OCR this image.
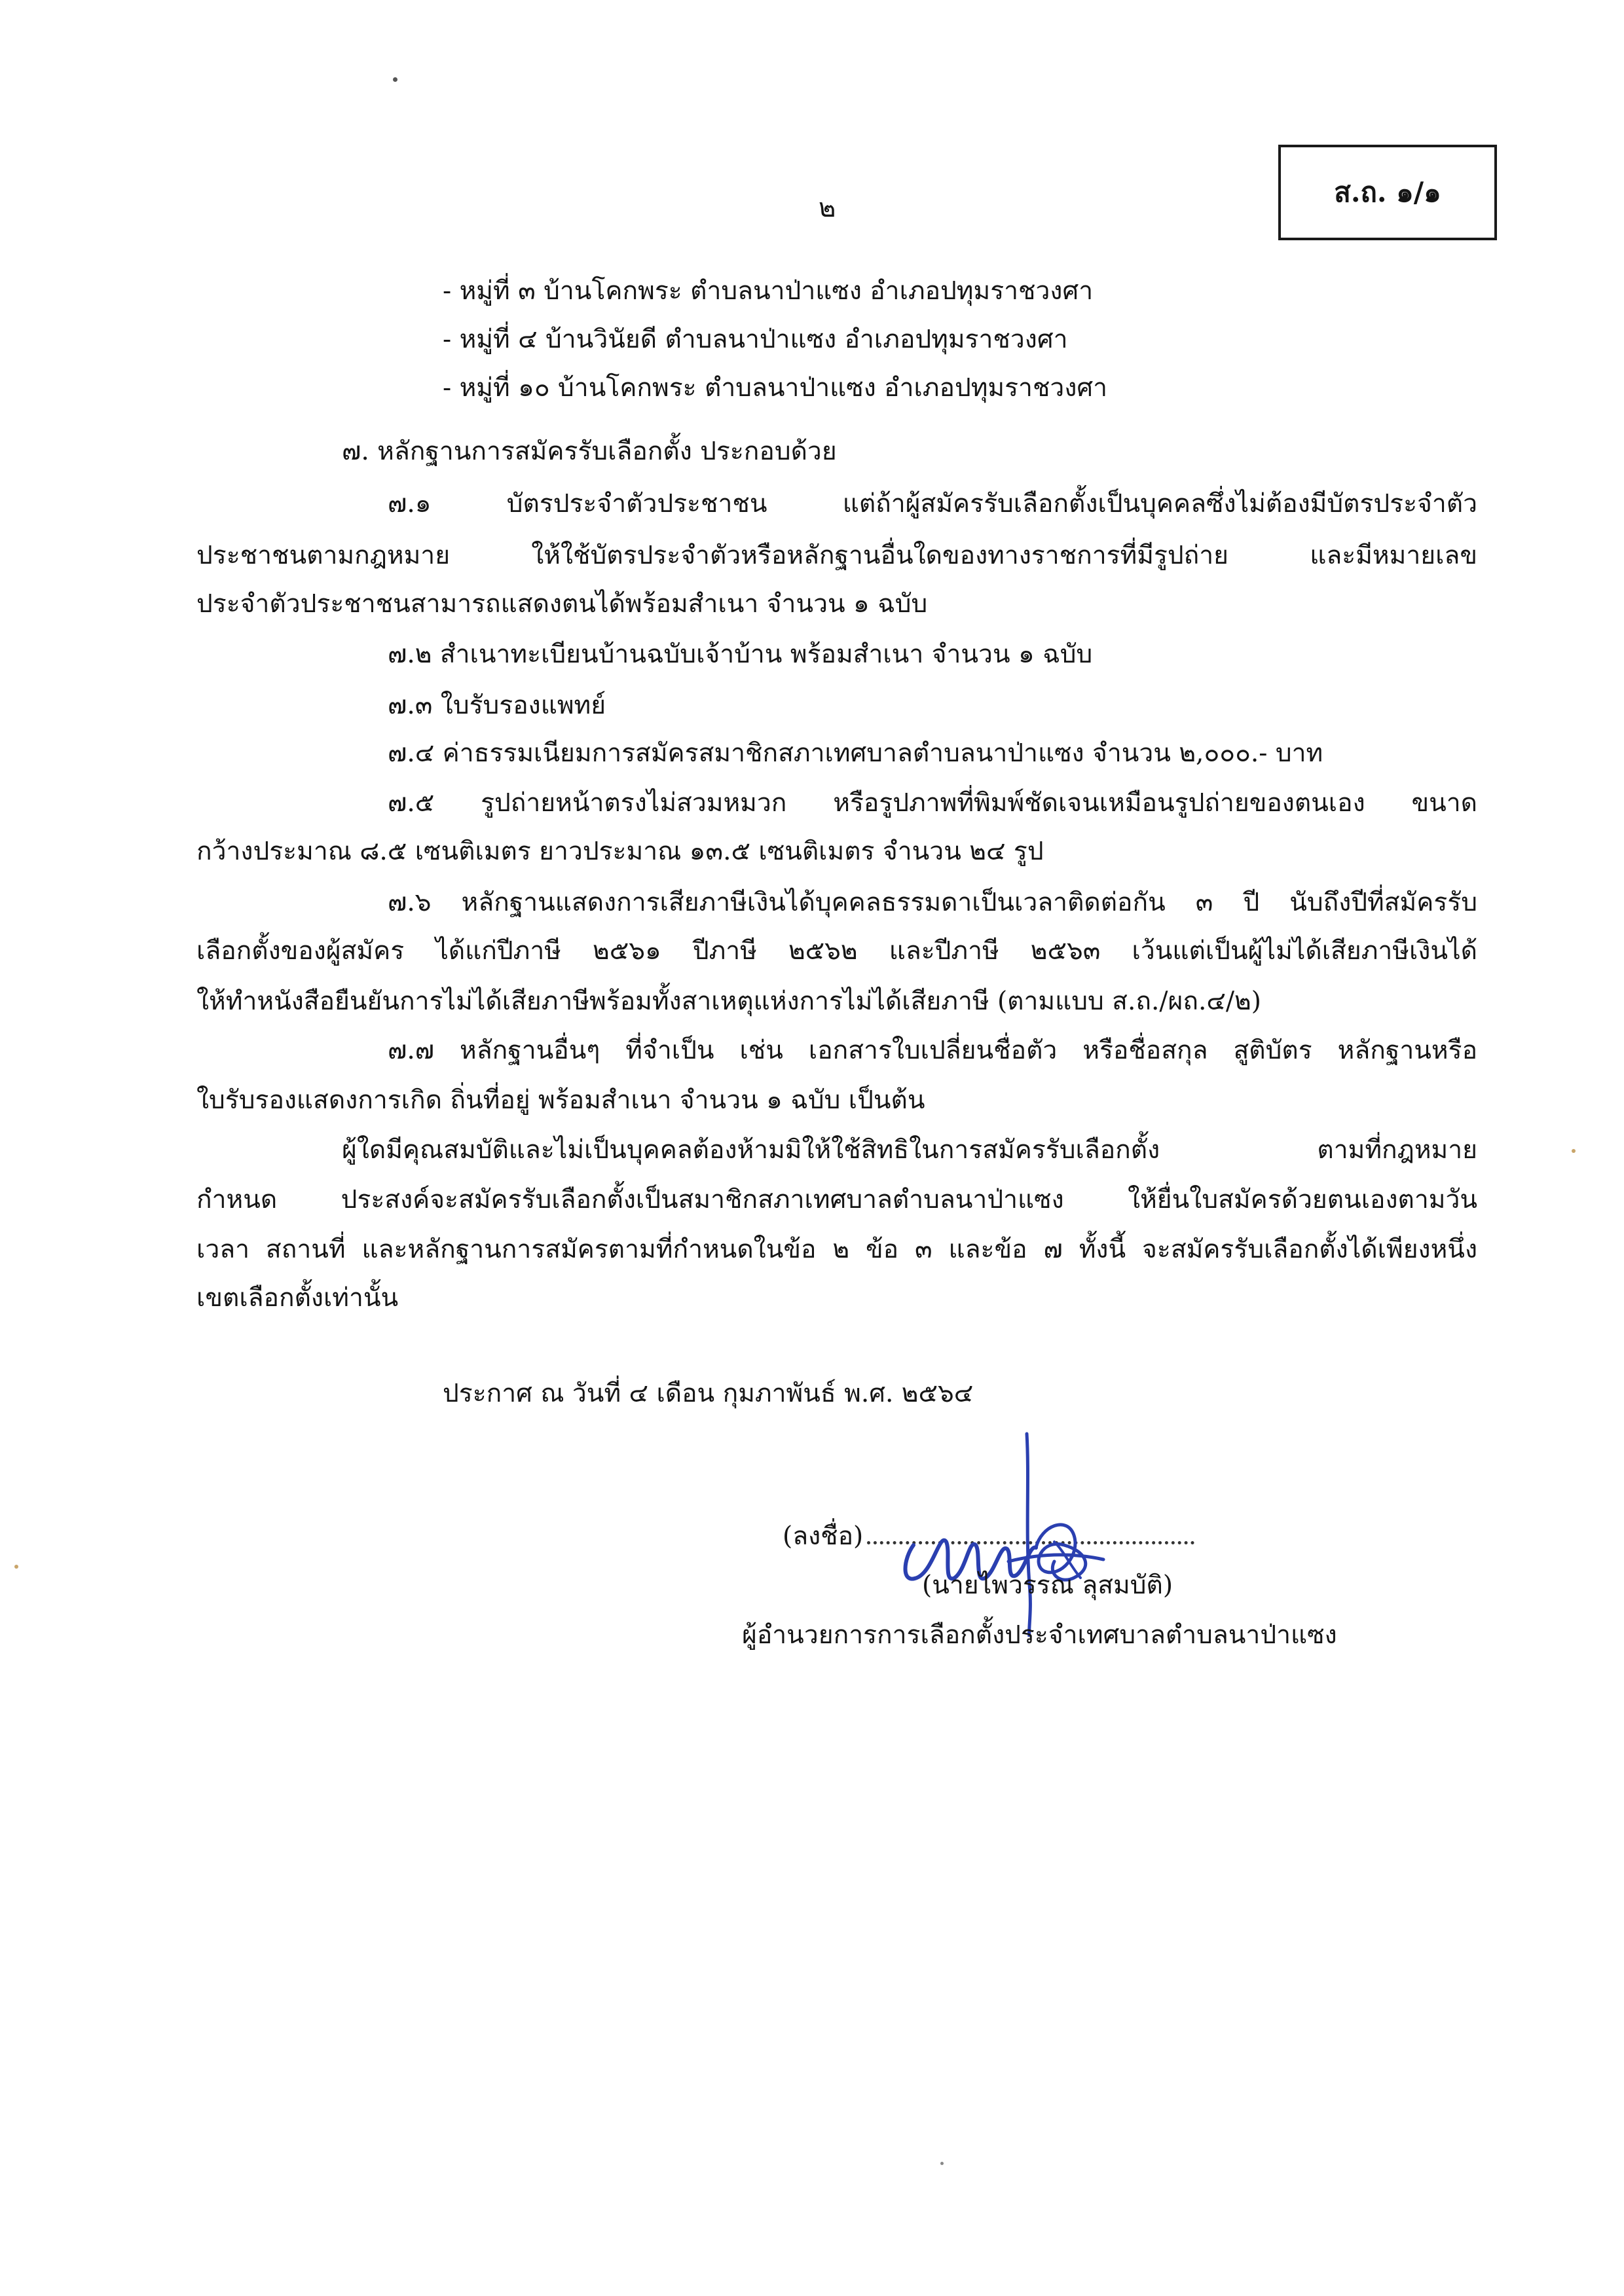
๒	ส.ถ. ๑/๑
- หมู่ที่ ๓ บ้านโคกพระ ตำบลนาป่าแซง อำเภอปทุมราชวงศา
- หมู่ที่ ๔ บ้านวินัยดี ตำบลนาป่าแซง อำเภอปทุมราชวงศา
- หมู่ที่ ๑๐ บ้านโคกพระ ตำบลนาป่าแซง อำเภอปทุมราชวงศา
๗. หลักฐานการสมัครรับเลือกตั้ง ประกอบด้วย
๗.๑ บัตรประจำตัวประชาชน แต่ถ้าผู้สมัครรับเลือกตั้งเป็นบุคคลซึ่งไม่ต้องมีบัตรประจำตัว
ประชาชนตามกฎหมาย ให้ใช้บัตรประจำตัวหรือหลักฐานอื่นใดของทางราชการที่มีรูปถ่าย และมีหมายเลข
ประจำตัวประชาชนสามารถแสดงตนได้พร้อมสำเนา จำนวน ๑ ฉบับ
๗.๒ สำเนาทะเบียนบ้านฉบับเจ้าบ้าน พร้อมสำเนา จำนวน ๑ ฉบับ
๗.๓ ใบรับรองแพทย์
๗.๔ ค่าธรรมเนียมการสมัครสมาชิกสภาเทศบาลตำบลนาป่าแซง จำนวน ๒,๐๐๐.- บาท
๗.๕ รูปถ่ายหน้าตรงไม่สวมหมวก หรือรูปภาพที่พิมพ์ชัดเจนเหมือนรูปถ่ายของตนเอง ขนาด
กว้างประมาณ ๘.๕ เซนติเมตร ยาวประมาณ ๑๓.๕ เซนติเมตร จำนวน ๒๔ รูป
๗.๖ หลักฐานแสดงการเสียภาษีเงินได้บุคคลธรรมดาเป็นเวลาติดต่อกัน ๓ ปี นับถึงปีที่สมัครรับ
เลือกตั้งของผู้สมัคร ได้แก่ปีภาษี ๒๕๖๑ ปีภาษี ๒๕๖๒ และปีภาษี ๒๕๖๓ เว้นแต่เป็นผู้ไม่ได้เสียภาษีเงินได้
ให้ทำหนังสือยืนยันการไม่ได้เสียภาษีพร้อมทั้งสาเหตุแห่งการไม่ได้เสียภาษี (ตามแบบ ส.ถ./ผถ.๔/๒)
๗.๗ หลักฐานอื่นๆ ที่จำเป็น เช่น เอกสารใบเปลี่ยนชื่อตัว หรือชื่อสกุล สูติบัตร หลักฐานหรือ
ใบรับรองแสดงการเกิด ถิ่นที่อยู่ พร้อมสำเนา จำนวน ๑ ฉบับ เป็นต้น
ผู้ใดมีคุณสมบัติและไม่เป็นบุคคลต้องห้ามมิให้ใช้สิทธิในการสมัครรับเลือกตั้ง ตามที่กฎหมาย
กำหนด ประสงค์จะสมัครรับเลือกตั้งเป็นสมาชิกสภาเทศบาลตำบลนาป่าแซง ให้ยื่นใบสมัครด้วยตนเองตามวัน
เวลา สถานที่ และหลักฐานการสมัครตามที่กำหนดในข้อ ๒ ข้อ ๓ และข้อ ๗ ทั้งนี้ จะสมัครรับเลือกตั้งได้เพียงหนึ่ง
เขตเลือกตั้งเท่านั้น
ประกาศ ณ วันที่ ๔ เดือน กุมภาพันธ์ พ.ศ. ๒๕๖๔
(ลงชื่อ)
(นายไพวรรณ ลุสมบัติ)
ผู้อำนวยการการเลือกตั้งประจำเทศบาลตำบลนาป่าแซง
